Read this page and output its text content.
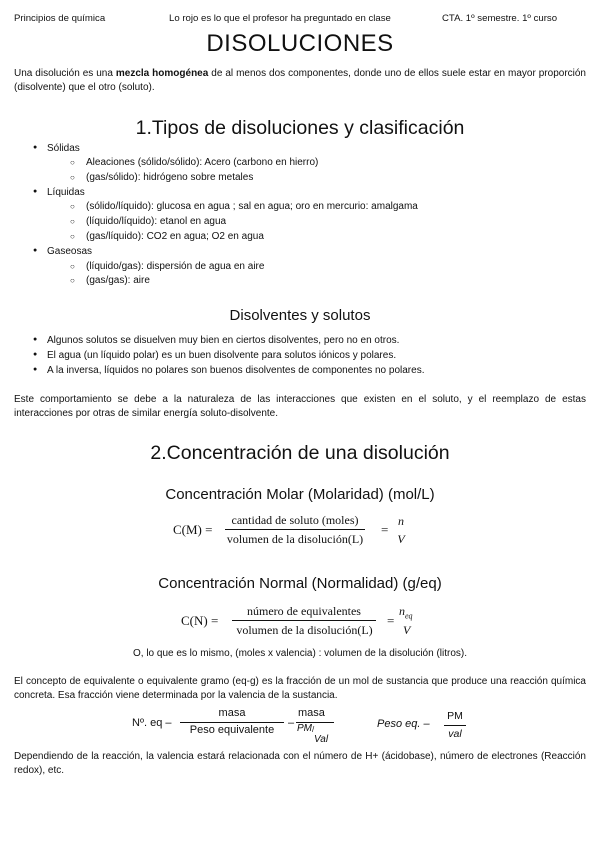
Principios de química	Lo rojo es lo que el profesor ha preguntado en clase	CTA. 1º semestre. 1º curso
DISOLUCIONES
Una disolución es una mezcla homogénea de al menos dos componentes, donde uno de ellos suele estar en mayor proporción (disolvente) que el otro (soluto).
1.Tipos de disoluciones y clasificación
● Sólidas
○ Aleaciones (sólido/sólido): Acero (carbono en hierro)
○ (gas/sólido): hidrógeno sobre metales
● Líquidas
○ (sólido/líquido): glucosa en agua ; sal en agua; oro en mercurio: amalgama
○ (líquido/líquido): etanol en agua
○ (gas/líquido): CO2 en agua; O2 en agua
● Gaseosas
○ (líquido/gas): dispersión de agua en aire
○ (gas/gas): aire
Disolventes y solutos
● Algunos solutos se disuelven muy bien en ciertos disolventes, pero no en otros.
● El agua (un líquido polar) es un buen disolvente para solutos iónicos y polares.
● A la inversa, líquidos no polares son buenos disolventes de componentes no polares.
Este comportamiento se debe a la naturaleza de las interacciones que existen en el soluto, y el reemplazo de estas interacciones por otras de similar energía soluto-disolvente.
2.Concentración de una disolución
Concentración Molar (Molaridad) (mol/L)
C(M) =
cantidad de soluto (moles)
volumen de la disolución(L)
=
n
V
Concentración Normal (Normalidad) (g/eq)
C(N) =
número de equivalentes
volumen de la disolución(L)
=
$n_{eq}$
V
O, lo que es lo mismo, (moles x valencia) : volumen de la disolución (litros).
El concepto de equivalente o equivalente gramo (eq-g) es la fracción de un mol de sustancia que produce una reacción química concreta. Esa fracción viene determinada por la valencia de la sustancia.
Nº. eq –
masa
Peso equivalente
–
masa
PM /
Val
Peso eq. –
PM
val
Dependiendo de la reacción, la valencia estará relacionada con el número de H+ (ácidobase), número de electrones (Reacción redox), etc.
